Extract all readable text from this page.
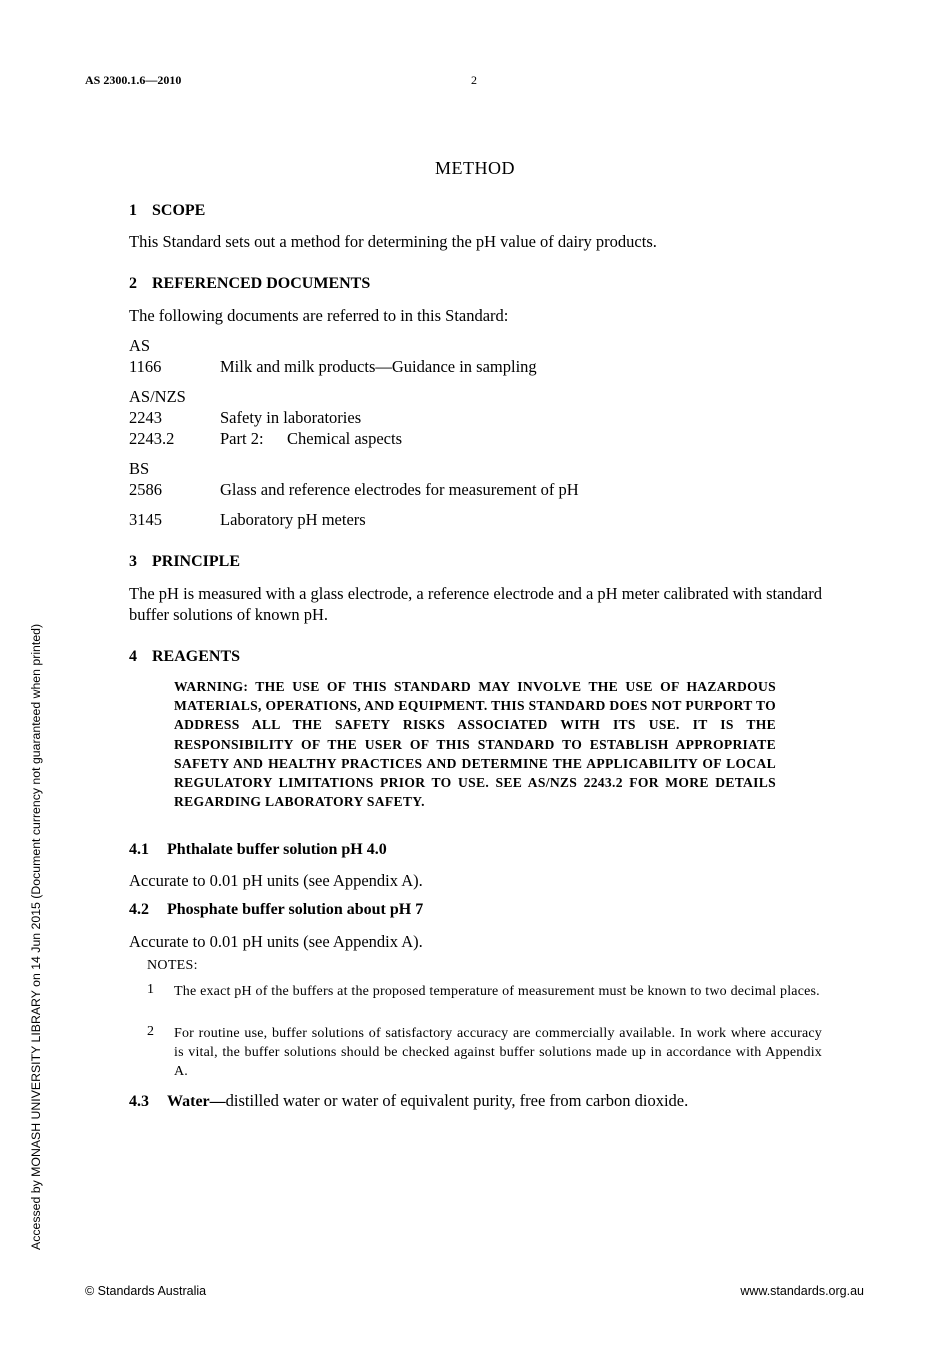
AS 2300.1.6—2010	2
METHOD
1 SCOPE
This Standard sets out a method for determining the pH value of dairy products.
2 REFERENCED DOCUMENTS
The following documents are referred to in this Standard:
AS
1166	Milk and milk products—Guidance in sampling
AS/NZS
2243	Safety in laboratories
2243.2	Part 2: Chemical aspects
BS
2586	Glass and reference electrodes for measurement of pH
3145	Laboratory pH meters
3 PRINCIPLE
The pH is measured with a glass electrode, a reference electrode and a pH meter calibrated with standard buffer solutions of known pH.
4 REAGENTS
WARNING: THE USE OF THIS STANDARD MAY INVOLVE THE USE OF HAZARDOUS MATERIALS, OPERATIONS, AND EQUIPMENT. THIS STANDARD DOES NOT PURPORT TO ADDRESS ALL THE SAFETY RISKS ASSOCIATED WITH ITS USE. IT IS THE RESPONSIBILITY OF THE USER OF THIS STANDARD TO ESTABLISH APPROPRIATE SAFETY AND HEALTHY PRACTICES AND DETERMINE THE APPLICABILITY OF LOCAL REGULATORY LIMITATIONS PRIOR TO USE. SEE AS/NZS 2243.2 FOR MORE DETAILS REGARDING LABORATORY SAFETY.
4.1 Phthalate buffer solution pH 4.0
Accurate to 0.01 pH units (see Appendix A).
4.2 Phosphate buffer solution about pH 7
Accurate to 0.01 pH units (see Appendix A).
NOTES:
1 The exact pH of the buffers at the proposed temperature of measurement must be known to two decimal places.
2 For routine use, buffer solutions of satisfactory accuracy are commercially available. In work where accuracy is vital, the buffer solutions should be checked against buffer solutions made up in accordance with Appendix A.
4.3 Water—distilled water or water of equivalent purity, free from carbon dioxide.
Accessed by MONASH UNIVERSITY LIBRARY on 14 Jun 2015 (Document currency not guaranteed when printed)
© Standards Australia	www.standards.org.au
